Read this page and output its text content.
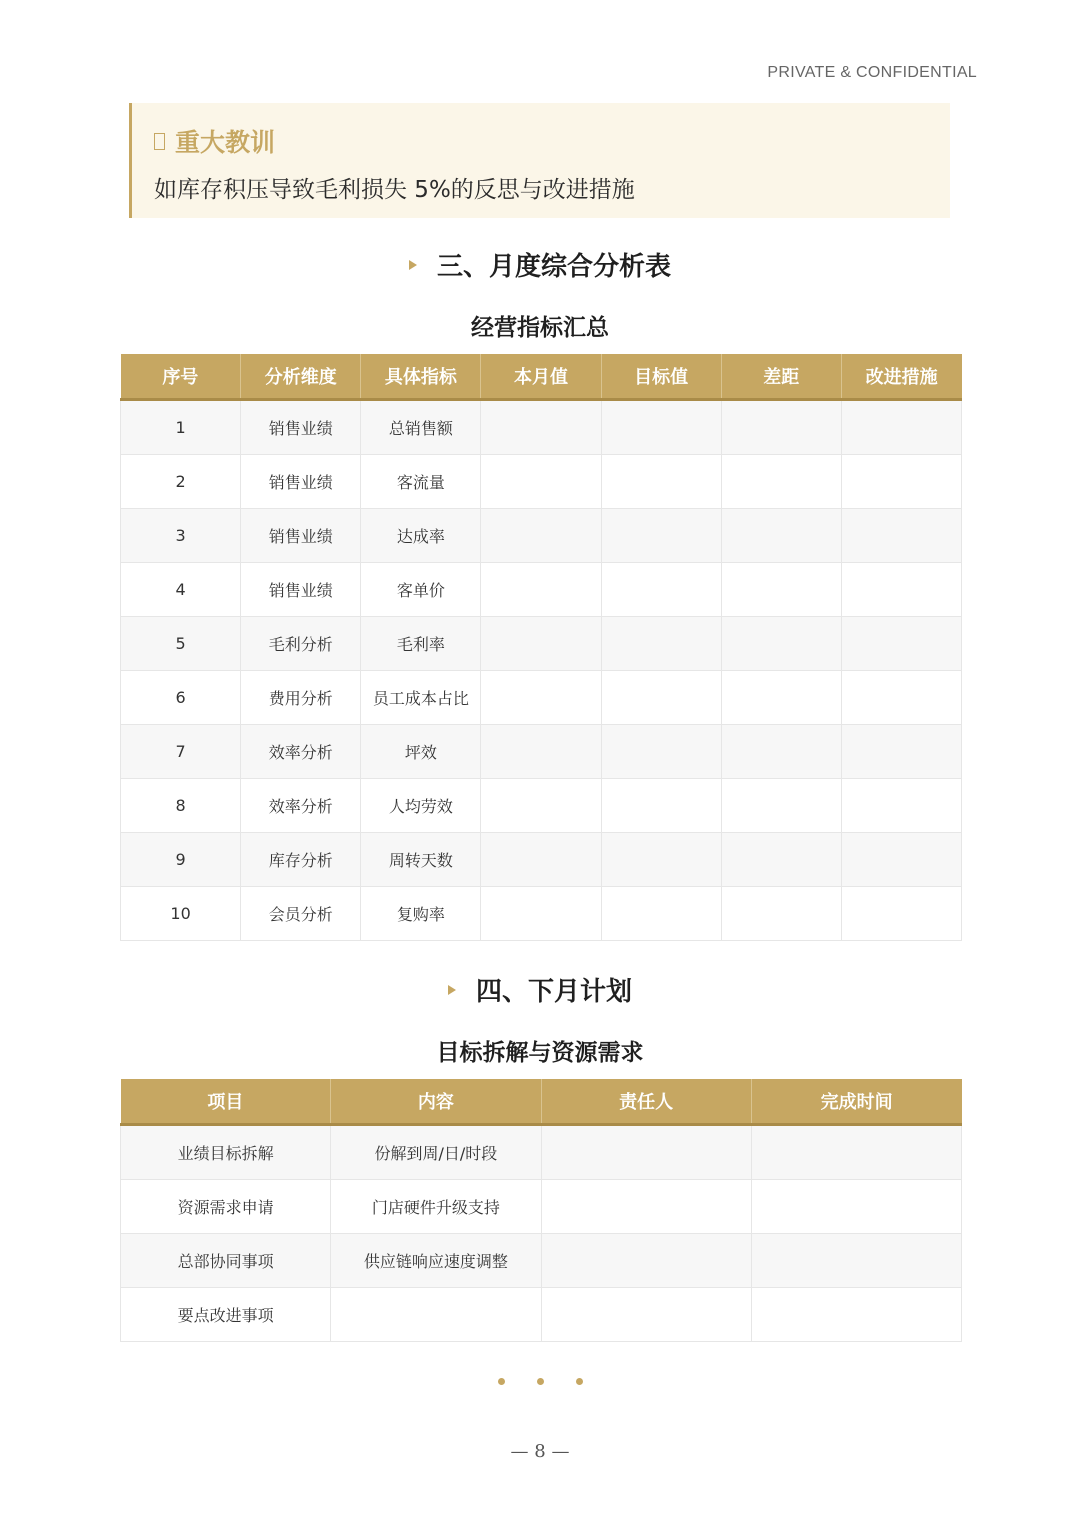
PRIVATE & CONFIDENTIAL
重大教训
如库存积压导致毛利损失 5%的反思与改进措施
三、月度综合分析表
经营指标汇总
序号	分析维度	具体指标	本月值	目标值	差距	改进措施
1	销售业绩	总销售额				
2	销售业绩	客流量				
3	销售业绩	达成率				
4	销售业绩	客单价				
5	毛利分析	毛利率				
6	费用分析	员工成本占比				
7	效率分析	坪效				
8	效率分析	人均劳效				
9	库存分析	周转天数				
10	会员分析	复购率				
四、下月计划
目标拆解与资源需求
项目	内容	责任人	完成时间
业绩目标拆解	份解到周/日/时段		
资源需求申请	门店硬件升级支持		
总部协同事项	供应链响应速度调整		
要点改进事项			
— 8 —
